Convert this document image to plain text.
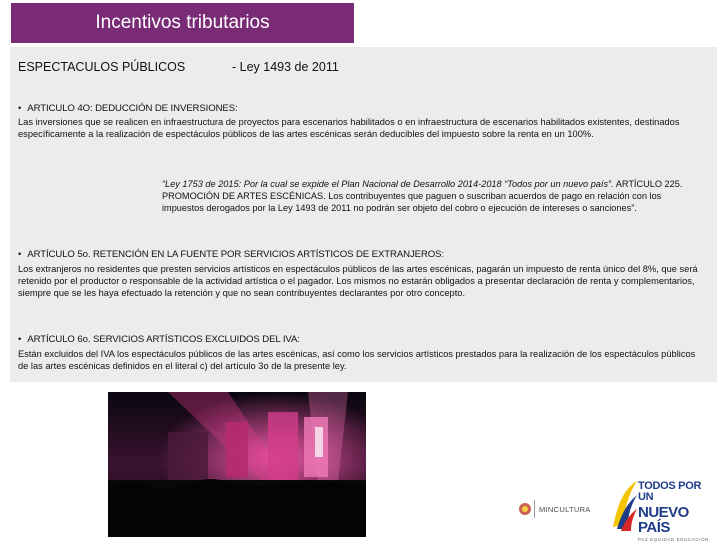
Incentivos tributarios
ESPECTACULOS PÚBLICOS	- Ley 1493 de 2011
• ARTICULO 4O: DEDUCCIÓN DE INVERSIONES:

Las inversiones que se realicen en infraestructura de proyectos para escenarios habilitados o en infraestructura de escenarios habilitados existentes, destinados específicamente a la realización de espectáculos públicos de las artes escénicas serán deducibles del impuesto sobre la renta en un 100%.

“Ley 1753 de 2015: Por la cual se expide el Plan Nacional de Desarrollo 2014-2018 “Todos por un nuevo país”. ARTÍCULO 225. PROMOCIÓN DE ARTES ESCÉNICAS. Los contribuyentes que paguen o suscriban acuerdos de pago en relación con los impuestos derogados por la Ley 1493 de 2011 no podrán ser objeto del cobro o ejecución de intereses o sanciones”.

• ARTÍCULO 5o. RETENCIÓN EN LA FUENTE POR SERVICIOS ARTÍSTICOS DE EXTRANJEROS:

Los extranjeros no residentes que presten servicios artísticos en espectáculos públicos de las artes escénicas, pagarán un impuesto de renta único del 8%, que será retenido por el productor o responsable de la actividad artística o el pagador. Los mismos no estarán obligados a presentar declaración de renta y complementarios, siempre que se les haya efectuado la retención y que no sean contribuyentes declarantes por otro concepto.

• ARTÍCULO 6o. SERVICIOS ARTÍSTICOS EXCLUIDOS DEL IVA:

Están excluidos del IVA los espectáculos públicos de las artes escénicas, así como los servicios artísticos prestados para la realización de los espectáculos públicos de las artes escénicas definidos en el literal c) del artículo 3o de la presente ley.

MINCULTURA
TODOS POR UN
NUEVO PAÍS
PAZ EQUIDAD EDUCACIÓN
